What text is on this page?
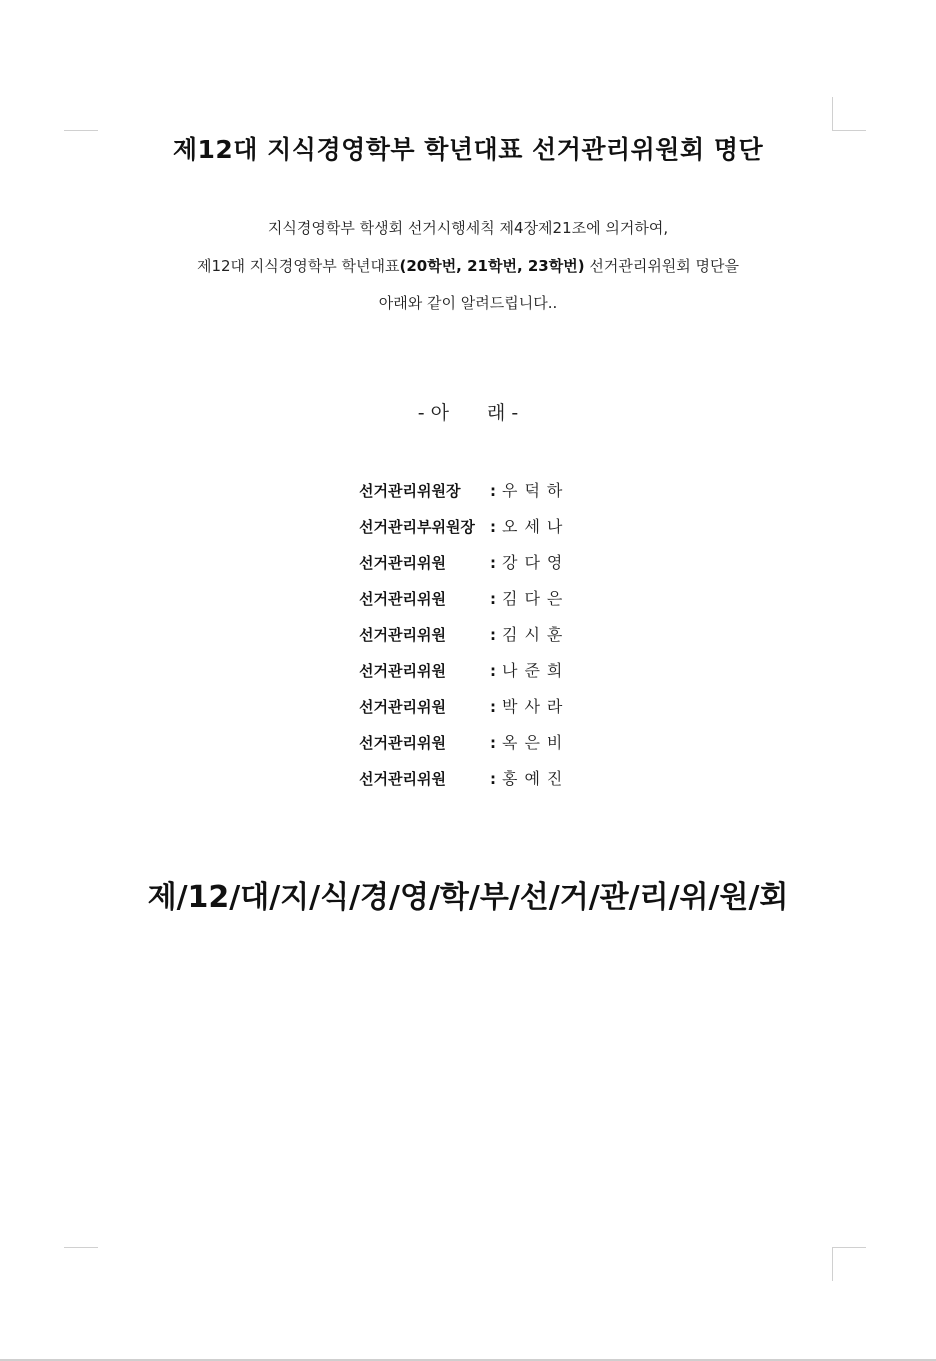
제12대 지식경영학부 학년대표 선거관리위원회 명단
지식경영학부 학생회 선거시행세칙 제4장제21조에 의거하여,
제12대 지식경영학부 학년대표(20학번, 21학번, 23학번) 선거관리위원회 명단을
아래와 같이 알려드립니다..
- 아 래 -
선거관리위원장	: 우덕하
선거관리부위원장	: 오세나
선거관리위원	: 강다영
선거관리위원	: 김다은
선거관리위원	: 김시훈
선거관리위원	: 나준희
선거관리위원	: 박사라
선거관리위원	: 옥은비
선거관리위원	: 홍예진
제/12/대/지/식/경/영/학/부/선/거/관/리/위/원/회
